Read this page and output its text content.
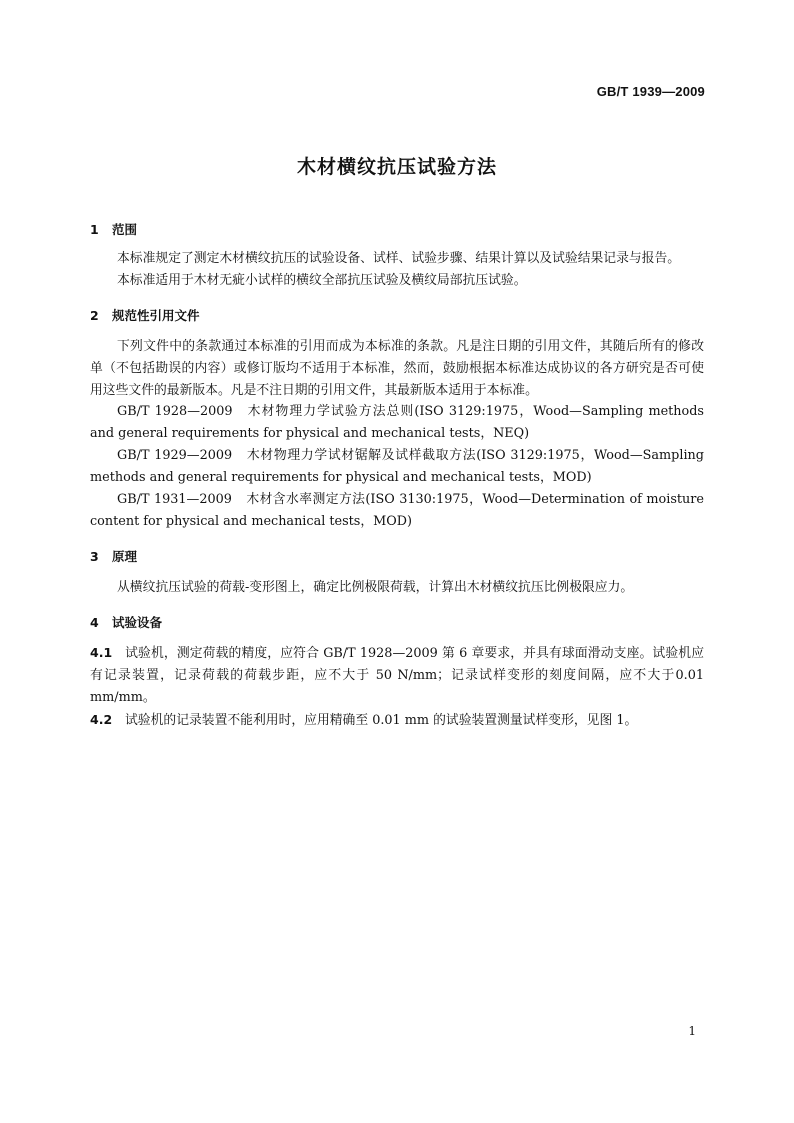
GB/T 1939—2009
木材横纹抗压试验方法
1 范围
本标准规定了测定木材横纹抗压的试验设备、试样、试验步骤、结果计算以及试验结果记录与报告。
本标准适用于木材无疵小试样的横纹全部抗压试验及横纹局部抗压试验。
2 规范性引用文件
下列文件中的条款通过本标准的引用而成为本标准的条款。凡是注日期的引用文件，其随后所有的修改单（不包括勘误的内容）或修订版均不适用于本标准，然而，鼓励根据本标准达成协议的各方研究是否可使用这些文件的最新版本。凡是不注日期的引用文件，其最新版本适用于本标准。
GB/T 1928—2009 木材物理力学试验方法总则(ISO 3129:1975，Wood—Sampling methods and general requirements for physical and mechanical tests，NEQ)
GB/T 1929—2009 木材物理力学试材锯解及试样截取方法(ISO 3129:1975，Wood—Sampling methods and general requirements for physical and mechanical tests，MOD)
GB/T 1931—2009 木材含水率测定方法(ISO 3130:1975，Wood—Determination of moisture content for physical and mechanical tests，MOD)
3 原理
从横纹抗压试验的荷载-变形图上，确定比例极限荷载，计算出木材横纹抗压比例极限应力。
4 试验设备
4.1 试验机，测定荷载的精度，应符合 GB/T 1928—2009 第 6 章要求，并具有球面滑动支座。试验机应有记录装置，记录荷载的荷载步距，应不大于 50 N/mm；记录试样变形的刻度间隔，应不大于0.01 mm/mm。
4.2 试验机的记录装置不能利用时，应用精确至 0.01 mm 的试验装置测量试样变形，见图 1。
1
